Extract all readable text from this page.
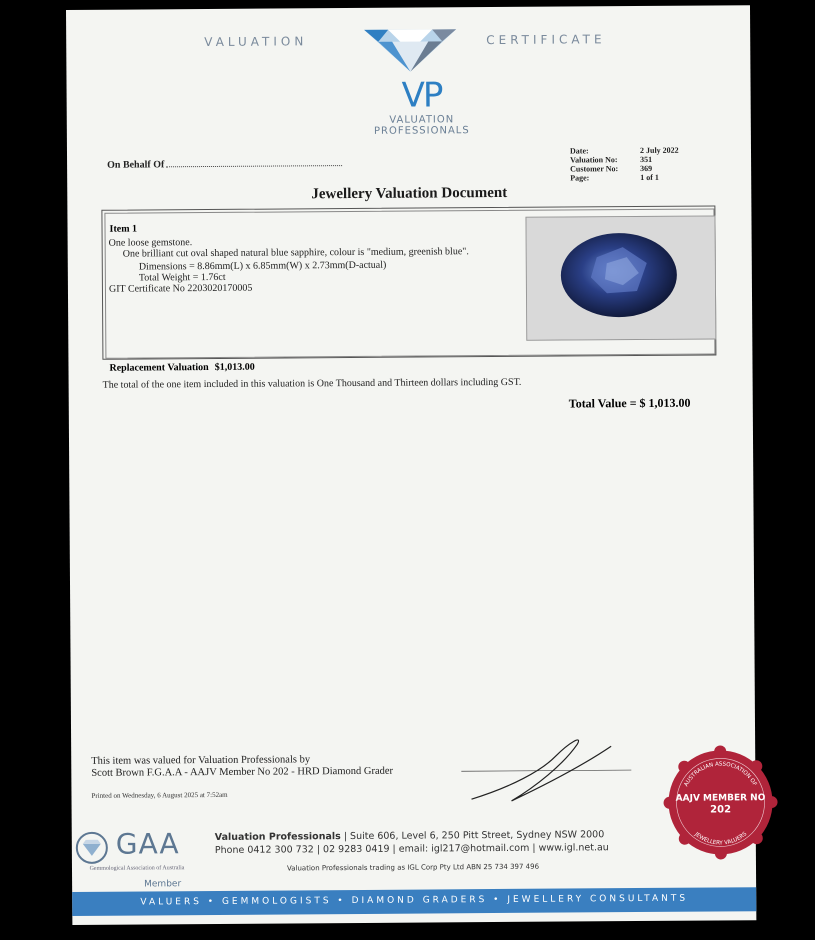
VALUATION	CERTIFICATE
VP
VALUATION
PROFESSIONALS
On Behalf Of
Date:	2 July 2022
Valuation No:	351
Customer No:	369
Page:	1 of 1
Jewellery Valuation Document
Item 1
One loose gemstone.
One brilliant cut oval shaped natural blue sapphire, colour is "medium, greenish blue".
Dimensions = 8.86mm(L) x 6.85mm(W) x 2.73mm(D-actual)
Total Weight = 1.76ct
GIT Certificate No 2203020170005
Replacement Valuation $1,013.00
The total of the one item included in this valuation is One Thousand and Thirteen dollars including GST.
Total Value = $ 1,013.00
This item was valued for Valuation Professionals by
Scott Brown F.G.A.A - AAJV Member No 202 - HRD Diamond Grader
Printed on Wednesday, 6 August 2025 at 7:52am
AUSTRALIAN ASSOCIATION OF
AAJV MEMBER NO
202
JEWELLERY VALUERS
GAA
Gemmological Association of Australia
Member
Valuation Professionals | Suite 606, Level 6, 250 Pitt Street, Sydney NSW 2000
Phone 0412 300 732 | 02 9283 0419 | email: igl217@hotmail.com | www.igl.net.au
Valuation Professionals trading as IGL Corp Pty Ltd ABN 25 734 397 496
VALUERS • GEMMOLOGISTS • DIAMOND GRADERS • JEWELLERY CONSULTANTS
